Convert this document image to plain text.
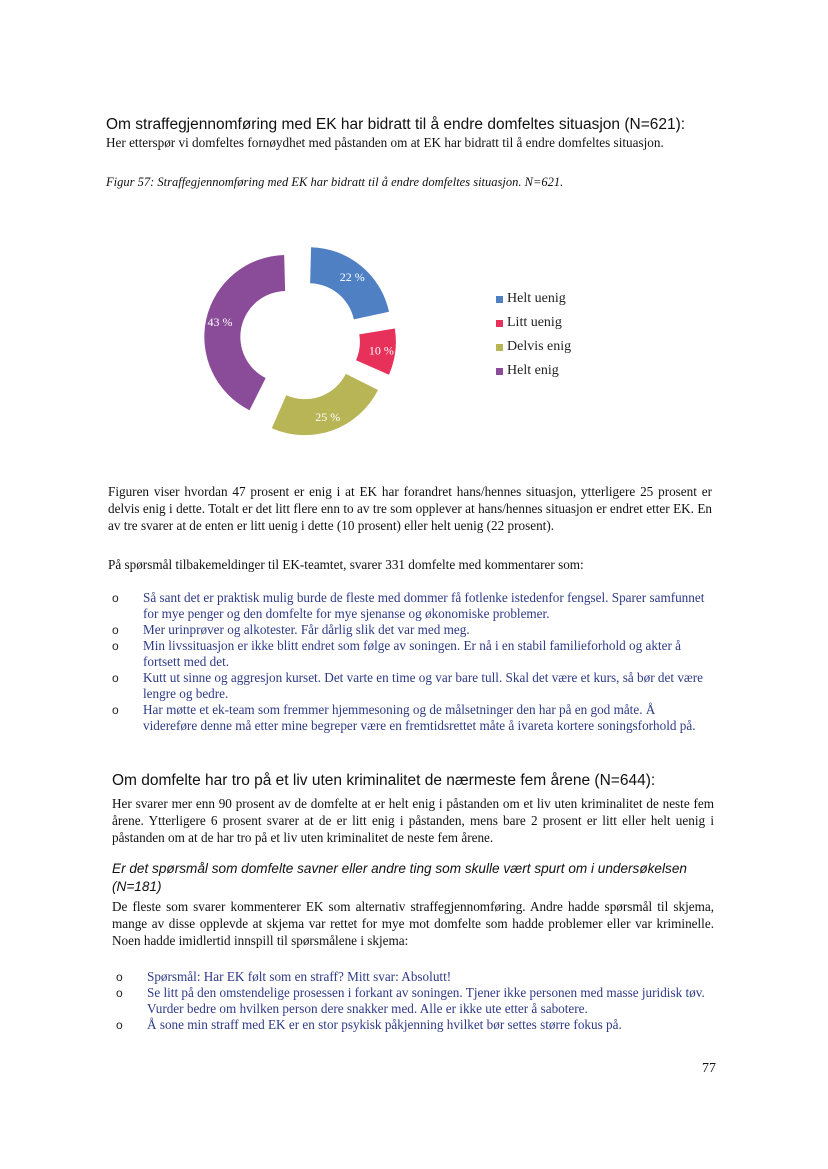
Om straffegjennomføring med EK har bidratt til å endre domfeltes situasjon (N=621):
Her etterspør vi domfeltes fornøydhet med påstanden om at EK har bidratt til å endre domfeltes situasjon.
Figur 57: Straffegjennomføring med EK har bidratt til å endre domfeltes situasjon. N=621.
22 %
10 %
25 %
43 %
Helt uenig
Litt uenig
Delvis enig
Helt enig
Figuren viser hvordan 47 prosent er enig i at EK har forandret hans/hennes situasjon, ytterligere 25 prosent er delvis enig i dette. Totalt er det litt flere enn to av tre som opplever at hans/hennes situasjon er endret etter EK. En av tre svarer at de enten er litt uenig i dette (10 prosent) eller helt uenig (22 prosent).
På spørsmål tilbakemeldinger til EK-teamtet, svarer 331 domfelte med kommentarer som:
o Så sant det er praktisk mulig burde de fleste med dommer få fotlenke istedenfor fengsel. Sparer samfunnet for mye penger og den domfelte for mye sjenanse og økonomiske problemer.
o Mer urinprøver og alkotester. Får dårlig slik det var med meg.
o Min livssituasjon er ikke blitt endret som følge av soningen. Er nå i en stabil familieforhold og akter å fortsett med det.
o Kutt ut sinne og aggresjon kurset. Det varte en time og var bare tull. Skal det være et kurs, så bør det være lengre og bedre.
o Har møtte et ek-team som fremmer hjemmesoning og de målsetninger den har på en god måte. Å videreføre denne må etter mine begreper være en fremtidsrettet måte å ivareta kortere soningsforhold på.
Om domfelte har tro på et liv uten kriminalitet de nærmeste fem årene (N=644):
Her svarer mer enn 90 prosent av de domfelte at er helt enig i påstanden om et liv uten kriminalitet de neste fem årene. Ytterligere 6 prosent svarer at de er litt enig i påstanden, mens bare 2 prosent er litt eller helt uenig i påstanden om at de har tro på et liv uten kriminalitet de neste fem årene.
Er det spørsmål som domfelte savner eller andre ting som skulle vært spurt om i undersøkelsen (N=181)
De fleste som svarer kommenterer EK som alternativ straffegjennomføring. Andre hadde spørsmål til skjema, mange av disse opplevde at skjema var rettet for mye mot domfelte som hadde problemer eller var kriminelle. Noen hadde imidlertid innspill til spørsmålene i skjema:
o Spørsmål: Har EK følt som en straff? Mitt svar: Absolutt!
o Se litt på den omstendelige prosessen i forkant av soningen. Tjener ikke personen med masse juridisk tøv. Vurder bedre om hvilken person dere snakker med. Alle er ikke ute etter å sabotere.
o Å sone min straff med EK er en stor psykisk påkjenning hvilket bør settes større fokus på.
77
